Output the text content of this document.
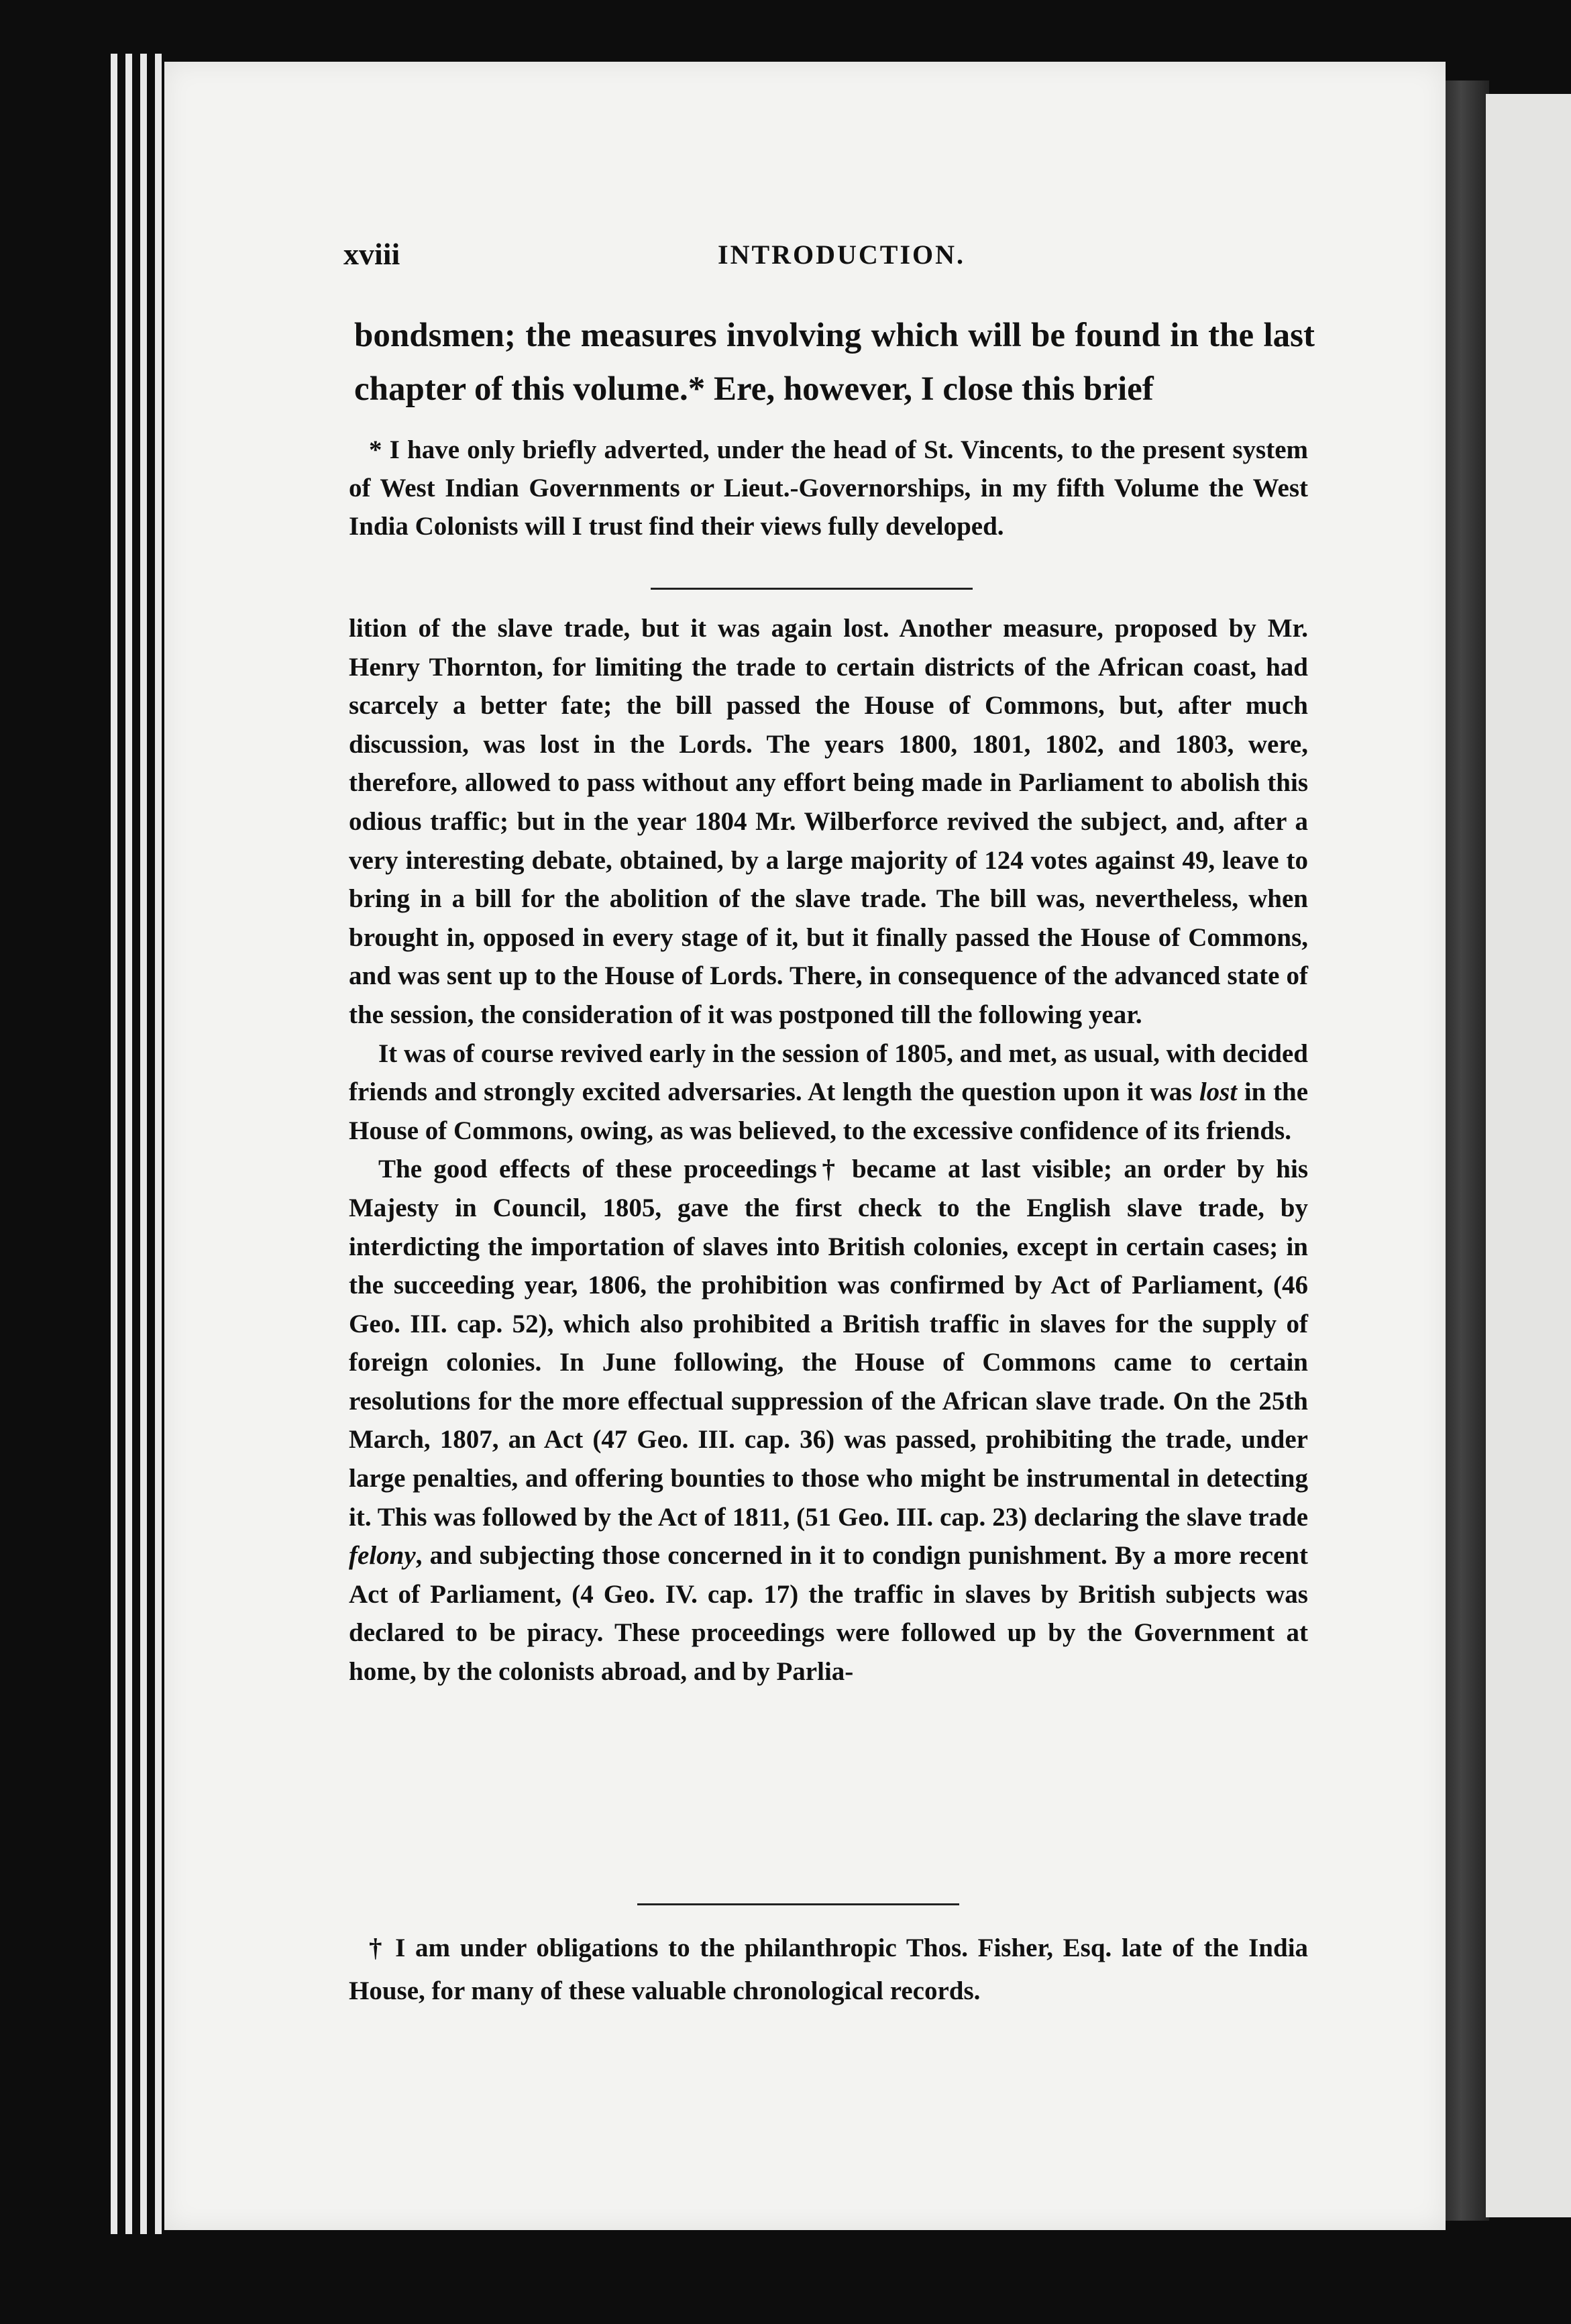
xviii	INTRODUCTION.

bondsmen; the measures involving which will be found in the last chapter of this volume.* Ere, however, I close this brief

* I have only briefly adverted, under the head of St. Vincents, to the present system of West Indian Governments or Lieut.-Governorships, in my fifth Volume the West India Colonists will I trust find their views fully developed.

lition of the slave trade, but it was again lost. Another measure, proposed by Mr. Henry Thornton, for limiting the trade to certain districts of the African coast, had scarcely a better fate; the bill passed the House of Commons, but, after much discussion, was lost in the Lords. The years 1800, 1801, 1802, and 1803, were, therefore, allowed to pass without any effort being made in Parliament to abolish this odious traffic; but in the year 1804 Mr. Wilberforce revived the subject, and, after a very interesting debate, obtained, by a large majority of 124 votes against 49, leave to bring in a bill for the abolition of the slave trade. The bill was, nevertheless, when brought in, opposed in every stage of it, but it finally passed the House of Commons, and was sent up to the House of Lords. There, in consequence of the advanced state of the session, the consideration of it was postponed till the following year.

It was of course revived early in the session of 1805, and met, as usual, with decided friends and strongly excited adversaries. At length the question upon it was lost in the House of Commons, owing, as was believed, to the excessive confidence of its friends.

The good effects of these proceedings† became at last visible; an order by his Majesty in Council, 1805, gave the first check to the English slave trade, by interdicting the importation of slaves into British colonies, except in certain cases; in the succeeding year, 1806, the prohibition was confirmed by Act of Parliament, (46 Geo. III. cap. 52), which also prohibited a British traffic in slaves for the supply of foreign colonies. In June following, the House of Commons came to certain resolutions for the more effectual suppression of the African slave trade. On the 25th March, 1807, an Act (47 Geo. III. cap. 36) was passed, prohibiting the trade, under large penalties, and offering bounties to those who might be instrumental in detecting it. This was followed by the Act of 1811, (51 Geo. III. cap. 23) declaring the slave trade felony, and subjecting those concerned in it to condign punishment. By a more recent Act of Parliament, (4 Geo. IV. cap. 17) the traffic in slaves by British subjects was declared to be piracy. These proceedings were followed up by the Government at home, by the colonists abroad, and by Parlia-

† I am under obligations to the philanthropic Thos. Fisher, Esq. late of the India House, for many of these valuable chronological records.
